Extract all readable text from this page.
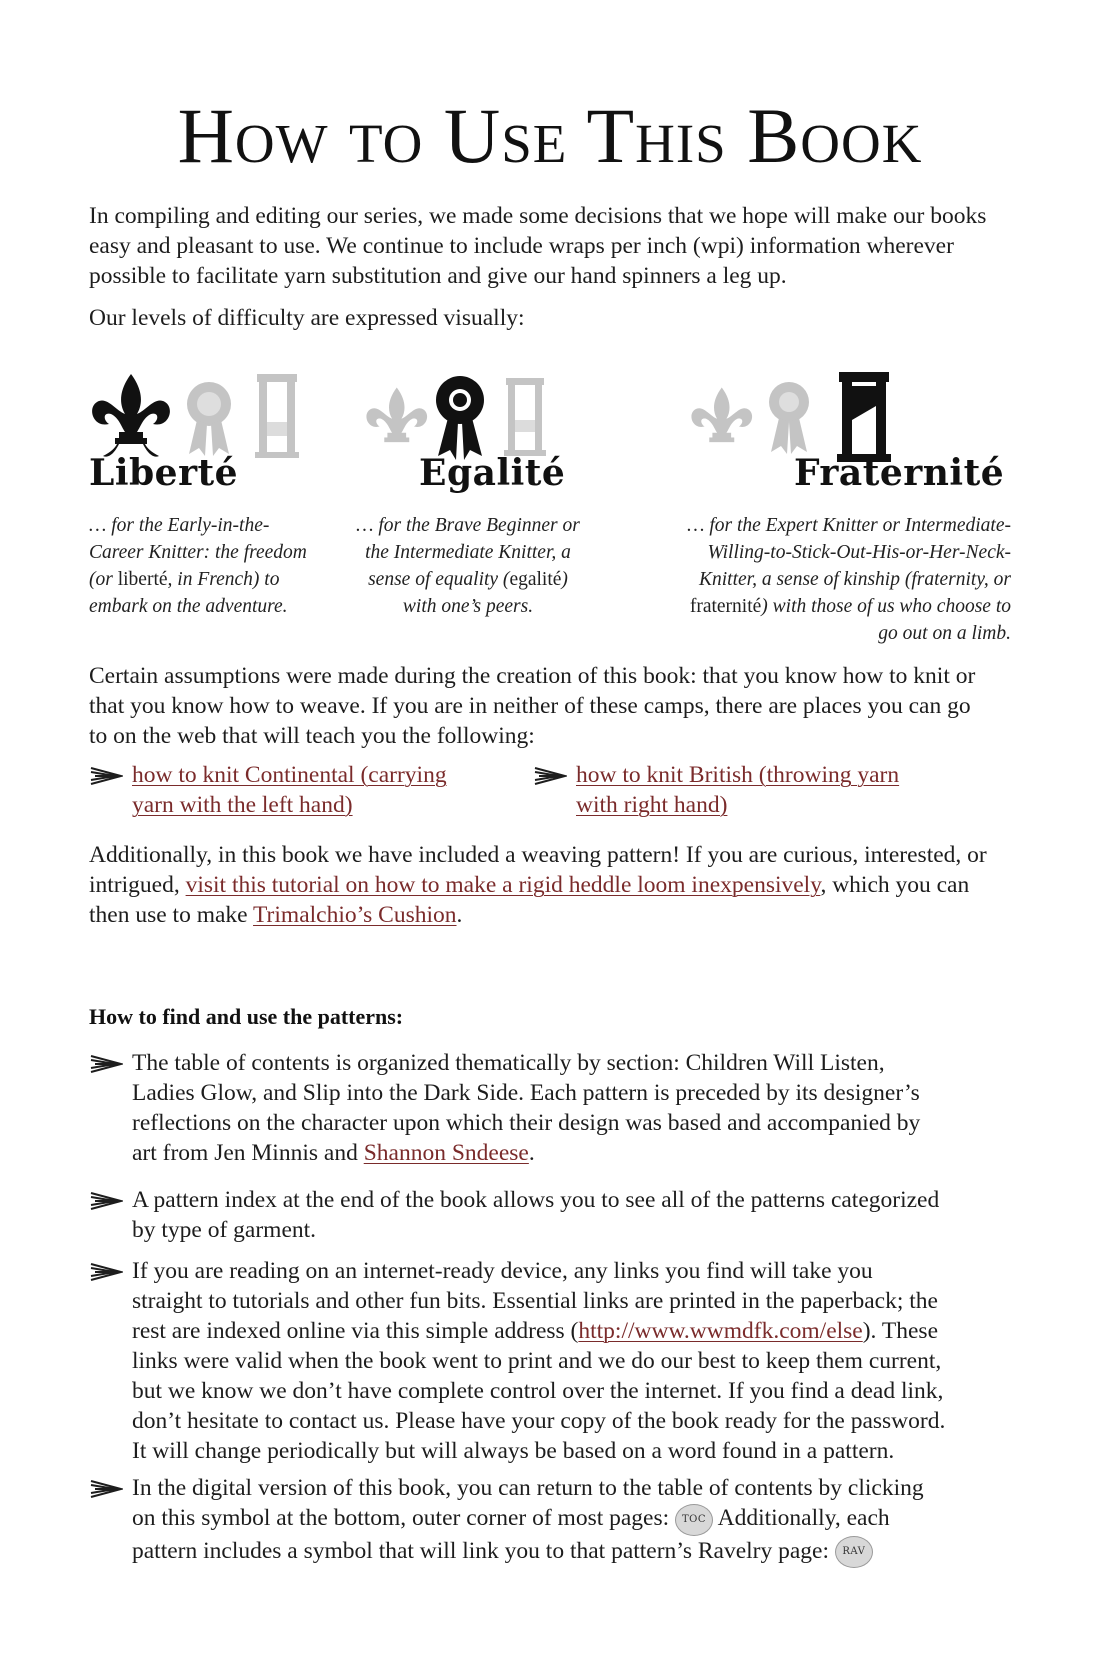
How to Use This Book

In compiling and editing our series, we made some decisions that we hope will make our books easy and pleasant to use. We continue to include wraps per inch (wpi) information wherever possible to facilitate yarn substitution and give our hand spinners a leg up.

Our levels of difficulty are expressed visually:

Liberté
… for the Early-in-the-Career Knitter: the freedom (or liberté, in French) to embark on the adventure.
Egalité
… for the Brave Beginner or the Intermediate Knitter, a sense of equality (egalité) with one’s peers.
Fraternité
… for the Expert Knitter or Intermediate-Willing-to-Stick-Out-His-or-Her-Neck-Knitter, a sense of kinship (fraternity, or fraternité) with those of us who choose to go out on a limb.

Certain assumptions were made during the creation of this book: that you know how to knit or that you know how to weave. If you are in neither of these camps, there are places you can go to on the web that will teach you the following:

how to knit Continental (carrying yarn with the left hand)
how to knit British (throwing yarn with right hand)

Additionally, in this book we have included a weaving pattern! If you are curious, interested, or intrigued, visit this tutorial on how to make a rigid heddle loom inexpensively, which you can then use to make Trimalchio’s Cushion.

How to find and use the patterns:
The table of contents is organized thematically by section: Children Will Listen, Ladies Glow, and Slip into the Dark Side. Each pattern is preceded by its designer’s reflections on the character upon which their design was based and accompanied by art from Jen Minnis and Shannon Sndeese.
A pattern index at the end of the book allows you to see all of the patterns categorized by type of garment.
If you are reading on an internet-ready device, any links you find will take you straight to tutorials and other fun bits. Essential links are printed in the paperback; the rest are indexed online via this simple address (http://www.wwmdfk.com/else). These links were valid when the book went to print and we do our best to keep them current, but we know we don’t have complete control over the internet. If you find a dead link, don’t hesitate to contact us. Please have your copy of the book ready for the password. It will change periodically but will always be based on a word found in a pattern.
In the digital version of this book, you can return to the table of contents by clicking on this symbol at the bottom, outer corner of most pages: TOC Additionally, each pattern includes a symbol that will link you to that pattern’s Ravelry page: RAV
